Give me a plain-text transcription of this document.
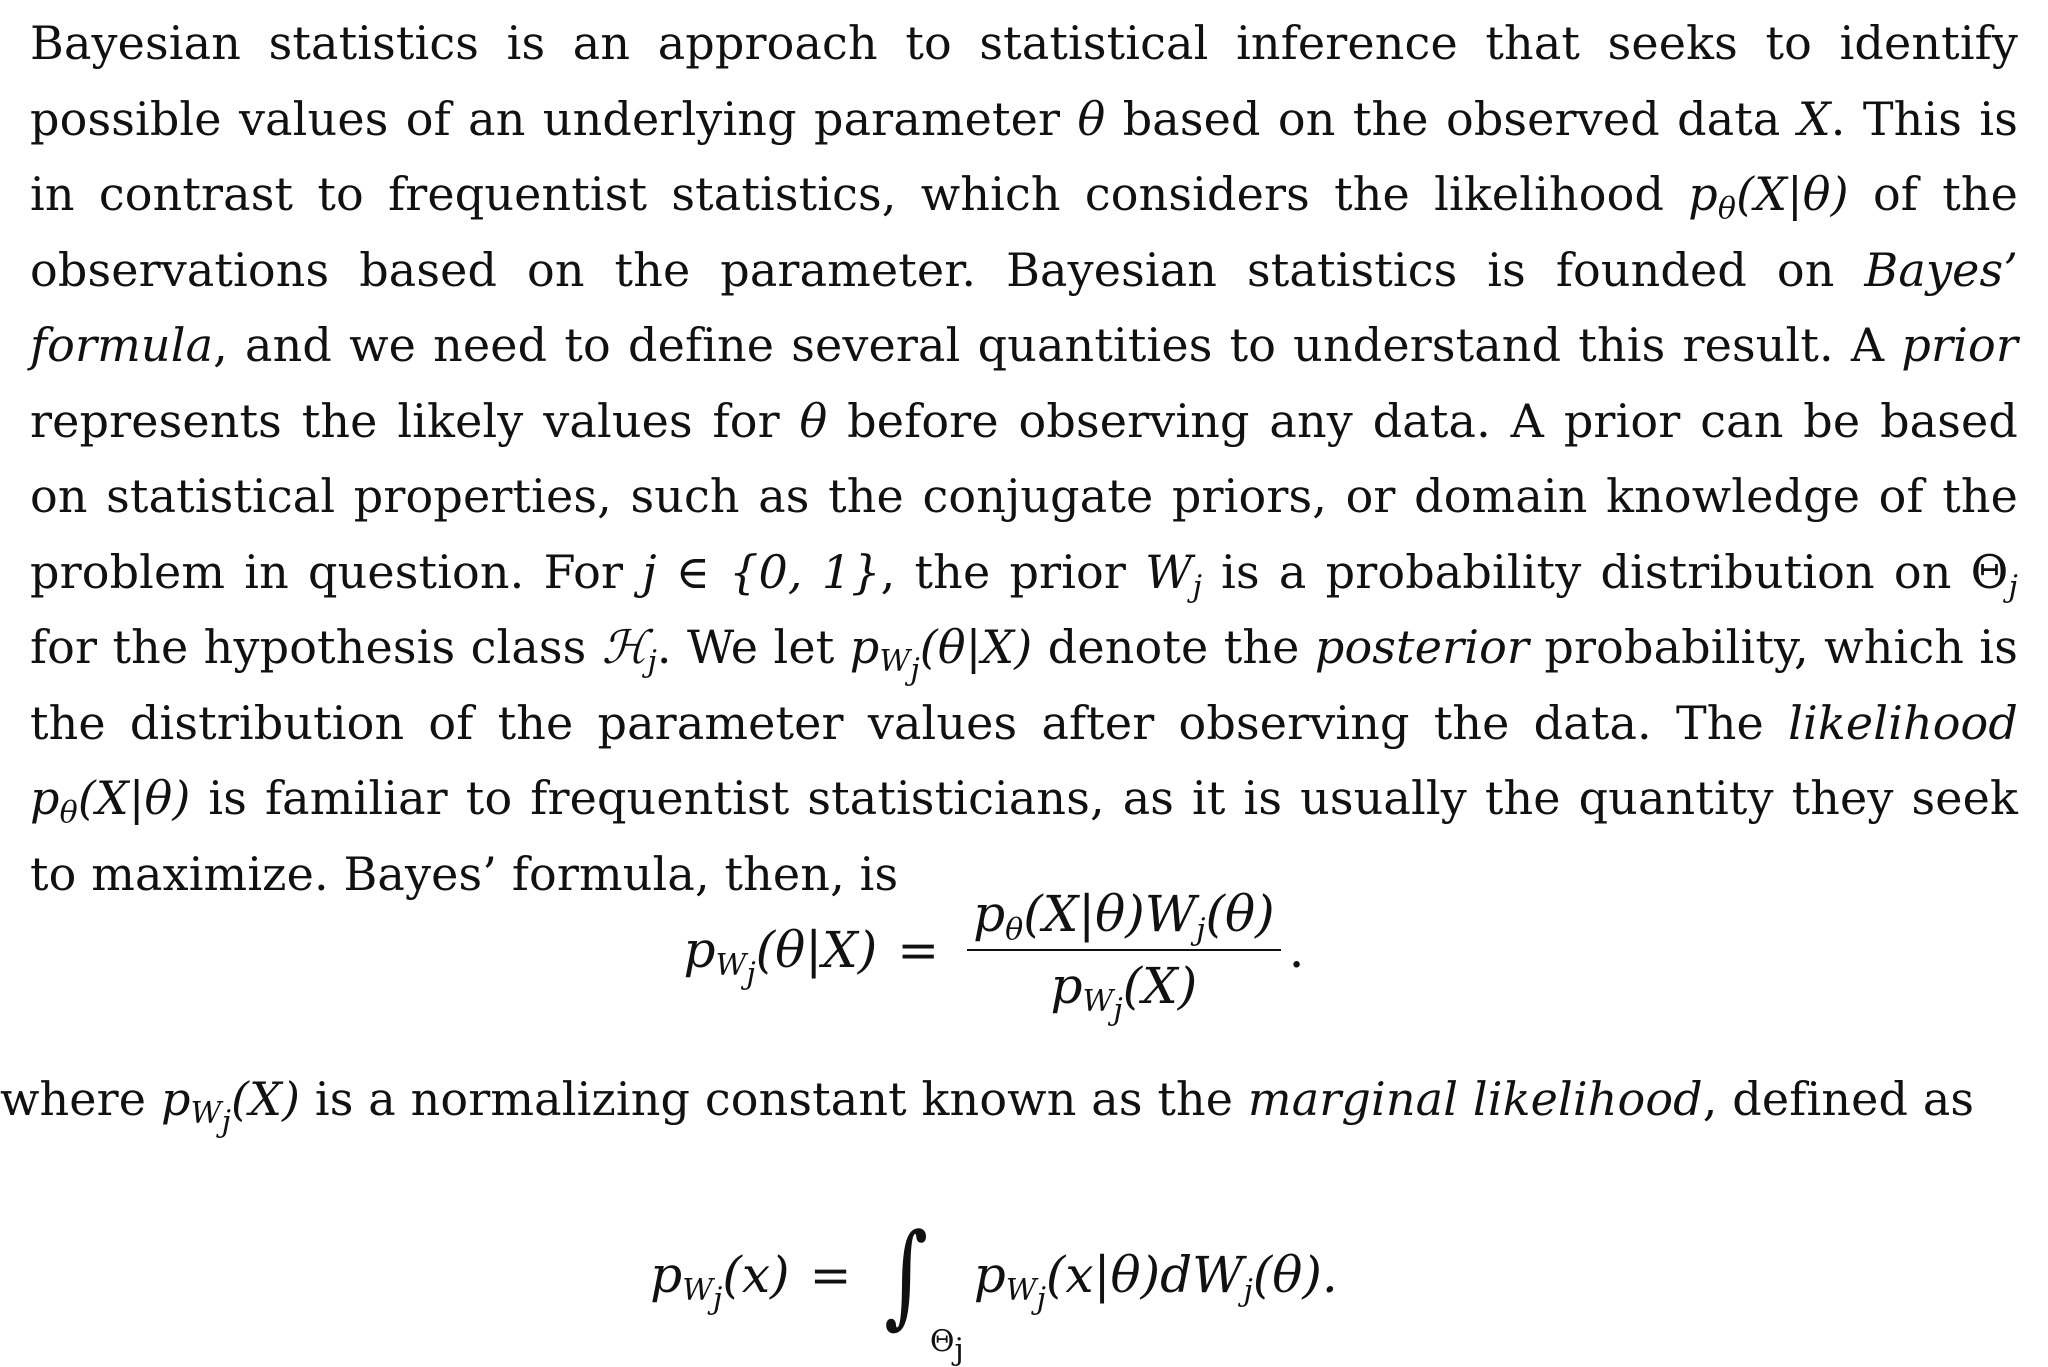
Bayesian statistics is an approach to statistical inference that seeks to identify possible values of an underlying parameter θ based on the observed data X. This is in contrast to frequentist statistics, which considers the likelihood $p_\theta(X|\theta)$ of the observations based on the parameter. Bayesian statistics is founded on Bayes’ formula, and we need to define several quantities to understand this result. A prior represents the likely values for θ before observing any data. A prior can be based on statistical properties, such as the conjugate priors, or domain knowledge of the problem in question. For j ∈ {0, 1}, the prior $W_j$ is a probability distribution on $\Theta_j$ for the hypothesis class ℋ$_j$. We let $p_{W_j}(\theta|X)$ denote the posterior probability, which is the distribution of the parameter values after observing the data. The likelihood $p_\theta(X|\theta)$ is familiar to frequentist statisticians, as it is usually the quantity they seek to maximize. Bayes’ formula, then, is

$p_{W_j}(\theta|X) = \frac{p_\theta(X|\theta)W_j(\theta)}{p_{W_j}(X)}$ .

where $p_{W_j}(X)$ is a normalizing constant known as the marginal likelihood, defined as

$p_{W_j}(x)$ = ∫
$\Theta_j$
$p_{W_j}(x|\theta)dW_j(\theta)$.
